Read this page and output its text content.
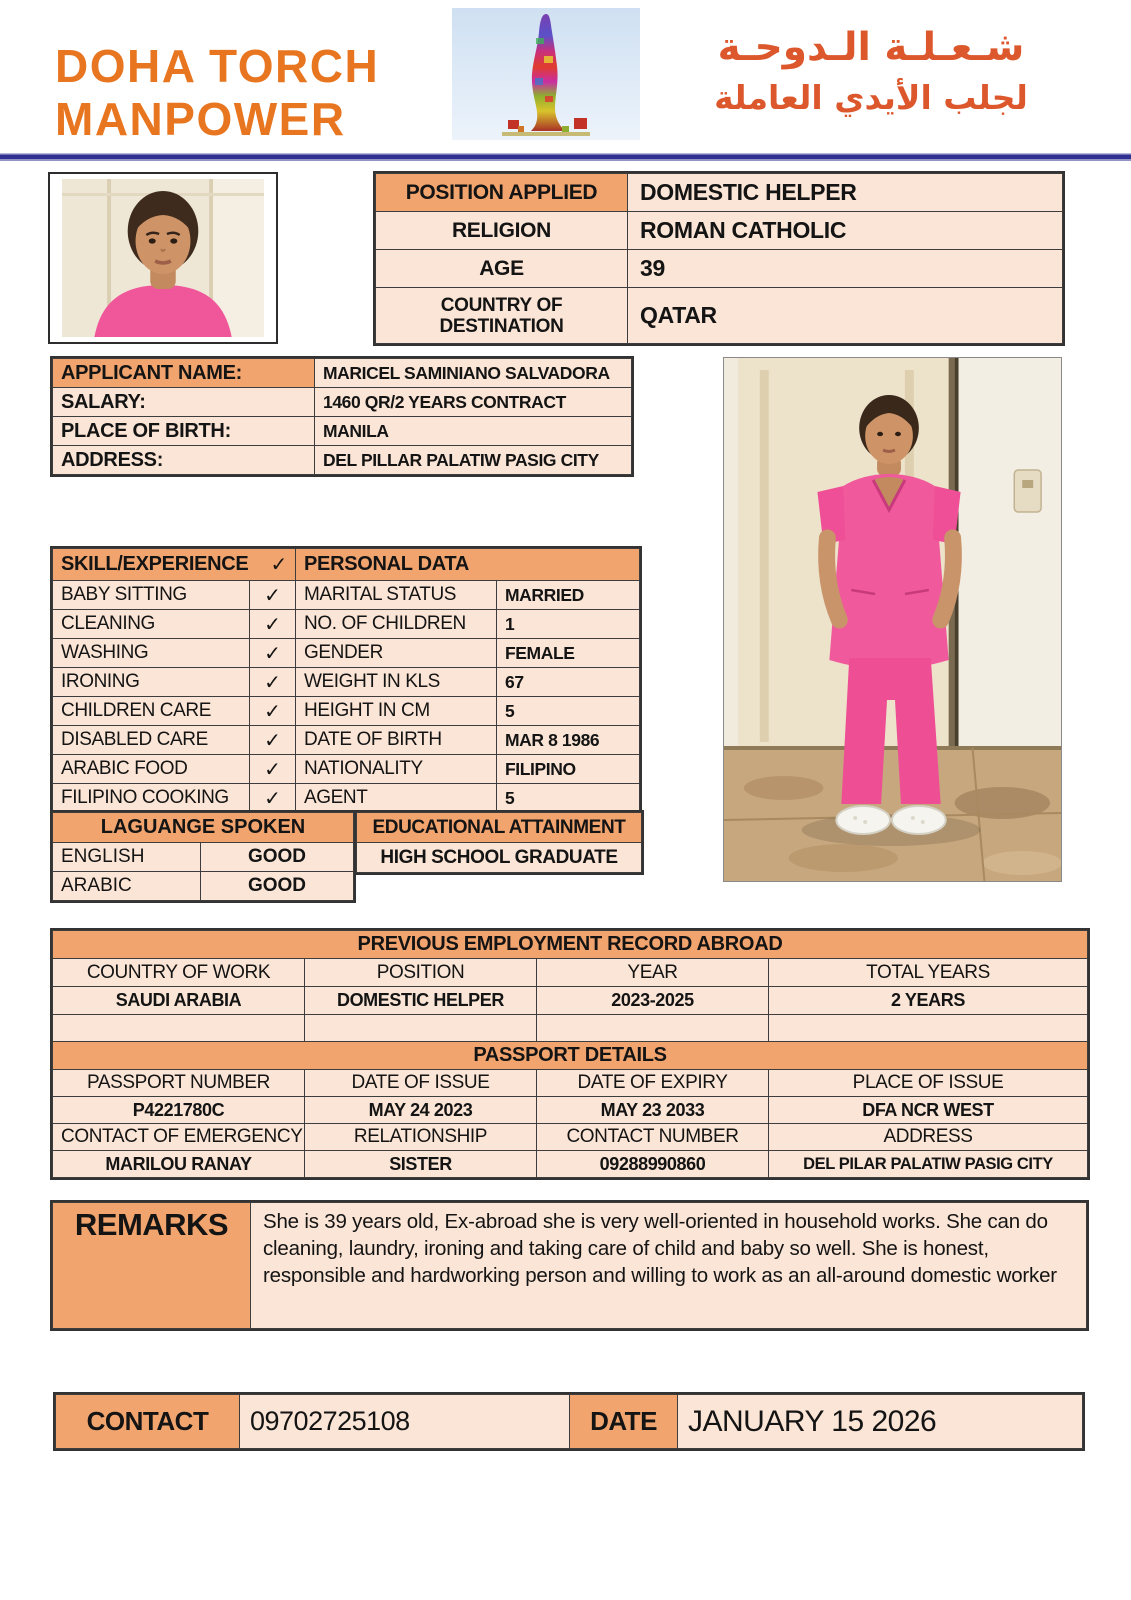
DOHA TORCH
MANPOWER
شـعـلـة الـدوحـة
لجلب الأيدي العاملة
POSITION APPLIED	DOMESTIC HELPER
RELIGION	ROMAN CATHOLIC
AGE	39
COUNTRY OF DESTINATION	QATAR
APPLICANT NAME:	MARICEL SAMINIANO SALVADORA
SALARY:	1460 QR/2 YEARS CONTRACT
PLACE OF BIRTH:	MANILA
ADDRESS:	DEL PILLAR PALATIW PASIG CITY
SKILL/EXPERIENCE ✓		PERSONAL DATA	
BABY SITTING	✓	MARITAL STATUS	MARRIED
CLEANING	✓	NO. OF CHILDREN	1
WASHING	✓	GENDER	FEMALE
IRONING	✓	WEIGHT IN KLS	67
CHILDREN CARE	✓	HEIGHT IN CM	5
DISABLED CARE	✓	DATE OF BIRTH	MAR 8 1986
ARABIC FOOD	✓	NATIONALITY	FILIPINO
FILIPINO COOKING	✓	AGENT	5
LAGUANGE SPOKEN	
ENGLISH	GOOD
ARABIC	GOOD
EDUCATIONAL ATTAINMENT
HIGH SCHOOL GRADUATE
PREVIOUS EMPLOYMENT RECORD ABROAD			
COUNTRY OF WORK	POSITION	YEAR	TOTAL YEARS
SAUDI ARABIA	DOMESTIC HELPER	2023-2025	2 YEARS

PASSPORT DETAILS			
PASSPORT NUMBER	DATE OF ISSUE	DATE OF EXPIRY	PLACE OF ISSUE
P4221780C	MAY 24 2023	MAY 23 2033	DFA NCR WEST
CONTACT OF EMERGENCY	RELATIONSHIP	CONTACT NUMBER	ADDRESS
MARILOU RANAY	SISTER	09288990860	DEL PILAR PALATIW PASIG CITY
REMARKS	She is 39 years old, Ex-abroad she is very well-oriented in household works. She can do cleaning, laundry, ironing and taking care of child and baby so well. She is honest, responsible and hardworking person and willing to work as an all-around domestic worker
CONTACT	09702725108	DATE	JANUARY 15 2026
